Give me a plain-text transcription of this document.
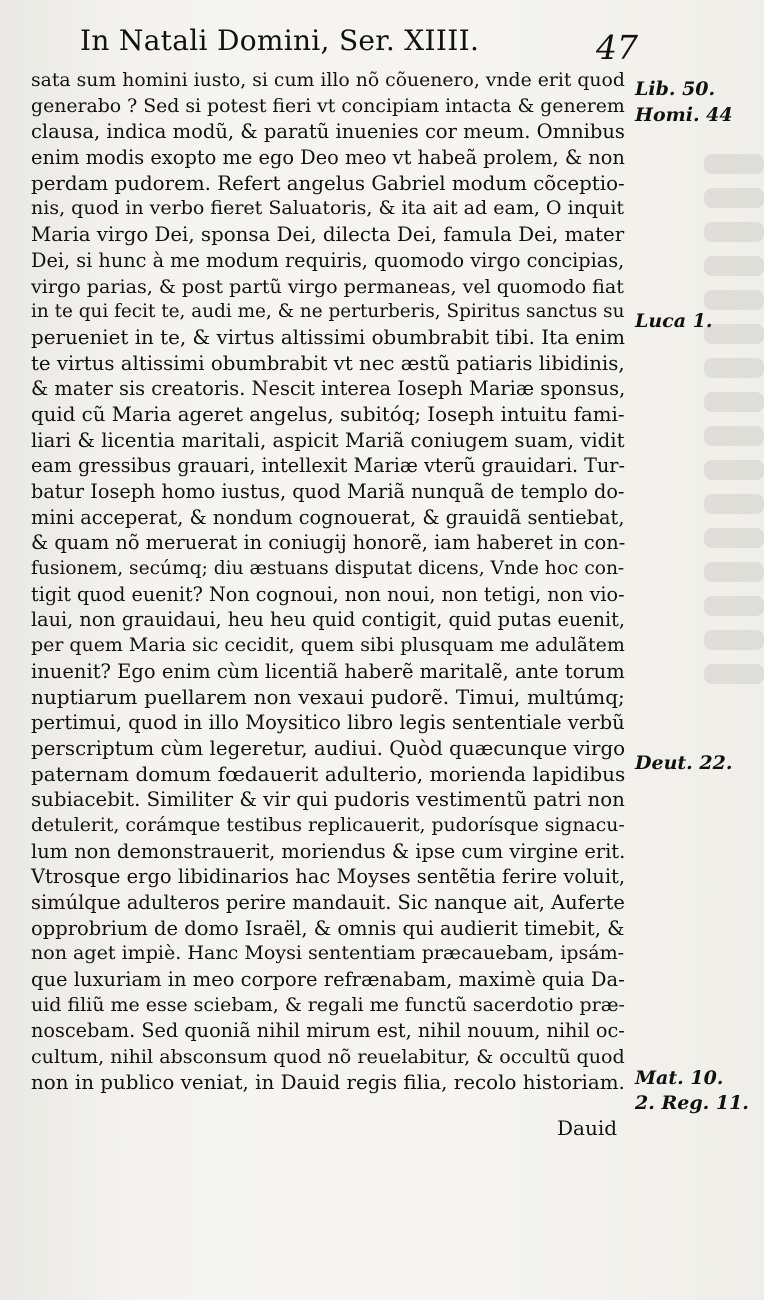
In Natali Domini, Ser. XIIII.	47
sata sum homini iusto, si cum illo nõ cõuenero, vnde erit quod
generabo ? Sed si potest fieri vt concipiam intacta & generem
clausa, indica modũ, & paratũ inuenies cor meum. Omnibus
enim modis exopto me ego Deo meo vt habeã prolem, & non
perdam pudorem. Refert angelus Gabriel modum cõceptio-
nis, quod in verbo fieret Saluatoris, & ita ait ad eam, O inquit
Maria virgo Dei, sponsa Dei, dilecta Dei, famula Dei, mater
Dei, si hunc à me modum requiris, quomodo virgo concipias,
virgo parias, & post partũ virgo permaneas, vel quomodo fiat
in te qui fecit te, audi me, & ne perturberis, Spiritus sanctus su
perueniet in te, & virtus altissimi obumbrabit tibi. Ita enim
te virtus altissimi obumbrabit vt nec æstũ patiaris libidinis,
& mater sis creatoris. Nescit interea Ioseph Mariæ sponsus,
quid cũ Maria ageret angelus, subitóq; Ioseph intuitu fami-
liari & licentia maritali, aspicit Mariã coniugem suam, vidit
eam gressibus grauari, intellexit Mariæ vterũ grauidari. Tur-
batur Ioseph homo iustus, quod Mariã nunquã de templo do-
mini acceperat, & nondum cognouerat, & grauidã sentiebat,
& quam nõ meruerat in coniugij honorẽ, iam haberet in con-
fusionem, secúmq; diu æstuans disputat dicens, Vnde hoc con-
tigit quod euenit? Non cognoui, non noui, non tetigi, non vio-
laui, non grauidaui, heu heu quid contigit, quid putas euenit,
per quem Maria sic cecidit, quem sibi plusquam me adulãtem
inuenit? Ego enim cùm licentiã haberẽ maritalẽ, ante torum
nuptiarum puellarem non vexaui pudorẽ. Timui, multúmq;
pertimui, quod in illo Moysitico libro legis sententiale verbũ
perscriptum cùm legeretur, audiui. Quòd quæcunque virgo
paternam domum fœdauerit adulterio, morienda lapidibus
subiacebit. Similiter & vir qui pudoris vestimentũ patri non
detulerit, corámque testibus replicauerit, pudorísque signacu-
lum non demonstrauerit, moriendus & ipse cum virgine erit.
Vtrosque ergo libidinarios hac Moyses sentẽtia ferire voluit,
simúlque adulteros perire mandauit. Sic nanque ait, Auferte
opprobrium de domo Israël, & omnis qui audierit timebit, &
non aget impiè. Hanc Moysi sententiam præcauebam, ipsám-
que luxuriam in meo corpore refrænabam, maximè quia Da-
uid filiũ me esse sciebam, & regali me functũ sacerdotio præ-
noscebam. Sed quoniã nihil mirum est, nihil nouum, nihil oc-
cultum, nihil absconsum quod nõ reuelabitur, & occultũ quod
non in publico veniat, in Dauid regis filia, recolo historiam.
Lib. 50.
Homi. 44
Luca 1.
Deut. 22.
Mat. 10.
2. Reg. 11.
Dauid
